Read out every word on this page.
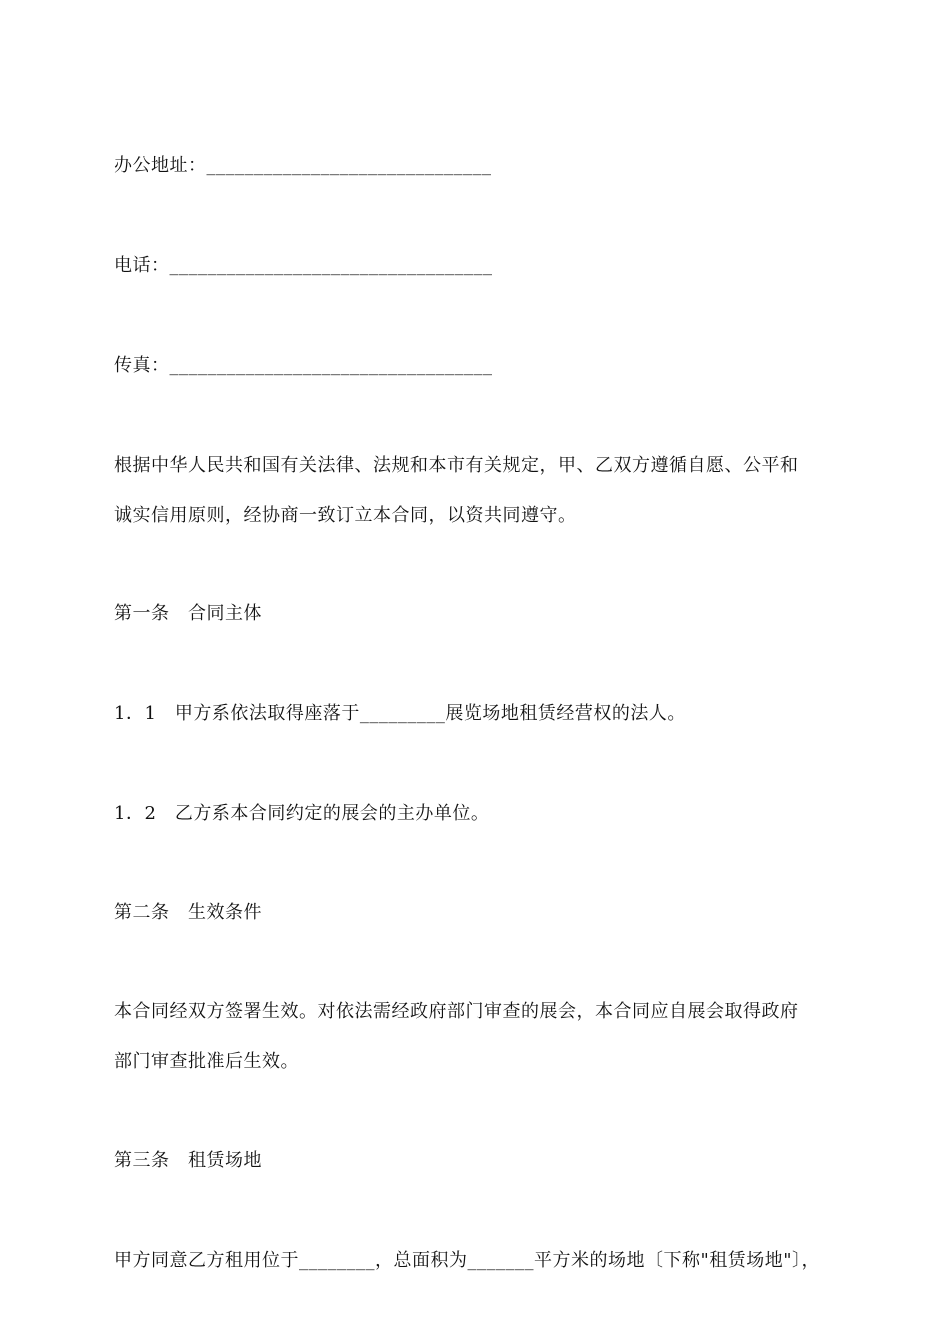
办公地址：______________________________
电话：__________________________________
传真：__________________________________
根据中华人民共和国有关法律、法规和本市有关规定，甲、乙双方遵循自愿、公平和
诚实信用原则，经协商一致订立本合同，以资共同遵守。
第一条　合同主体
1．1　甲方系依法取得座落于_________展览场地租赁经营权的法人。
1．2　乙方系本合同约定的展会的主办单位。
第二条　生效条件
本合同经双方签署生效。对依法需经政府部门审查的展会，本合同应自展会取得政府
部门审查批准后生效。
第三条　租赁场地
甲方同意乙方租用位于________，总面积为_______平方米的场地〔下称"租赁场地"〕，
